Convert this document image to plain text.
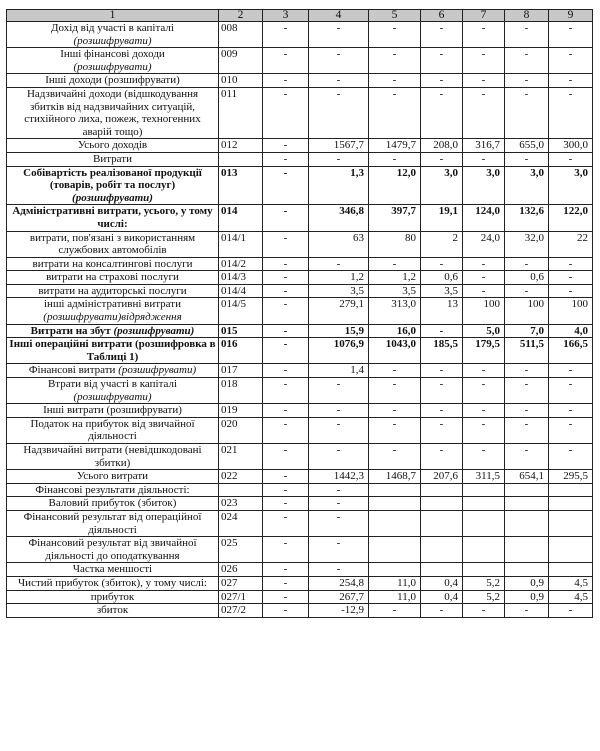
1	2	3	4	5	6	7	8	9
Дохід від участі в капіталі
(розшифрувати)	008	-	-	-	-	-	-	-
Інші фінансові доходи
(розшифрувати)	009	-	-	-	-	-	-	-
Інші доходи (розшифрувати)	010	-	-	-	-	-	-	-
Надзвичайні доходи (відшкодування збитків від надзвичайних ситуацій, стихійного лиха, пожеж, техногенних аварій тощо)	011	-	-	-	-	-	-	-
Усього доходів	012	-	1567,7	1479,7	208,0	316,7	655,0	300,0
Витрати		-	-	-	-	-	-	-
Собівартість реалізованої продукції (товарів, робіт та послуг)
(розшифрувати)	013	-	1,3	12,0	3,0	3,0	3,0	3,0
Адміністративні витрати, усього, у тому числі:	014	-	346,8	397,7	19,1	124,0	132,6	122,0
витрати, пов'язані з використанням службових автомобілів	014/1	-	63	80	2	24,0	32,0	22
витрати на консалтингові послуги	014/2	-	-	-	-	-	-	-
витрати на страхові послуги	014/3	-	1,2	1,2	0,6	-	0,6	-
витрати на аудиторські послуги	014/4	-	3,5	3,5	3,5	-	-	-
інші адміністративні витрати
(розшифрувати)відрядження	014/5	-	279,1	313,0	13	100	100	100
Витрати на збут (розшифрувати)	015	-	15,9	16,0	-	5,0	7,0	4,0
Інші операційні витрати (розшифровка в Таблиці 1)	016	-	1076,9	1043,0	185,5	179,5	511,5	166,5
Фінансові витрати (розшифрувати)	017	-	1,4	-	-	-	-	-
Втрати від участі в капіталі
(розшифрувати)	018	-	-	-	-	-	-	-
Інші витрати (розшифрувати)	019	-	-	-	-	-	-	-
Податок на прибуток від звичайної діяльності	020	-	-	-	-	-	-	-
Надзвичайні витрати (невідшкодовані збитки)	021	-	-	-	-	-	-	-
Усього витрати	022	-	1442,3	1468,7	207,6	311,5	654,1	295,5
Фінансові результати діяльності:		-	-					
Валовий прибуток (збиток)	023	-	-					
Фінансовий результат від операційної діяльності	024	-	-					
Фінансовий результат від звичайної діяльності до оподаткування	025	-	-					
Частка меншості	026	-	-					
Чистий прибуток (збиток), у тому числі:	027	-	254,8	11,0	0,4	5,2	0,9	4,5
прибуток	027/1	-	267,7	11,0	0,4	5,2	0,9	4,5
збиток	027/2	-	-12,9	-	-	-	-	-
